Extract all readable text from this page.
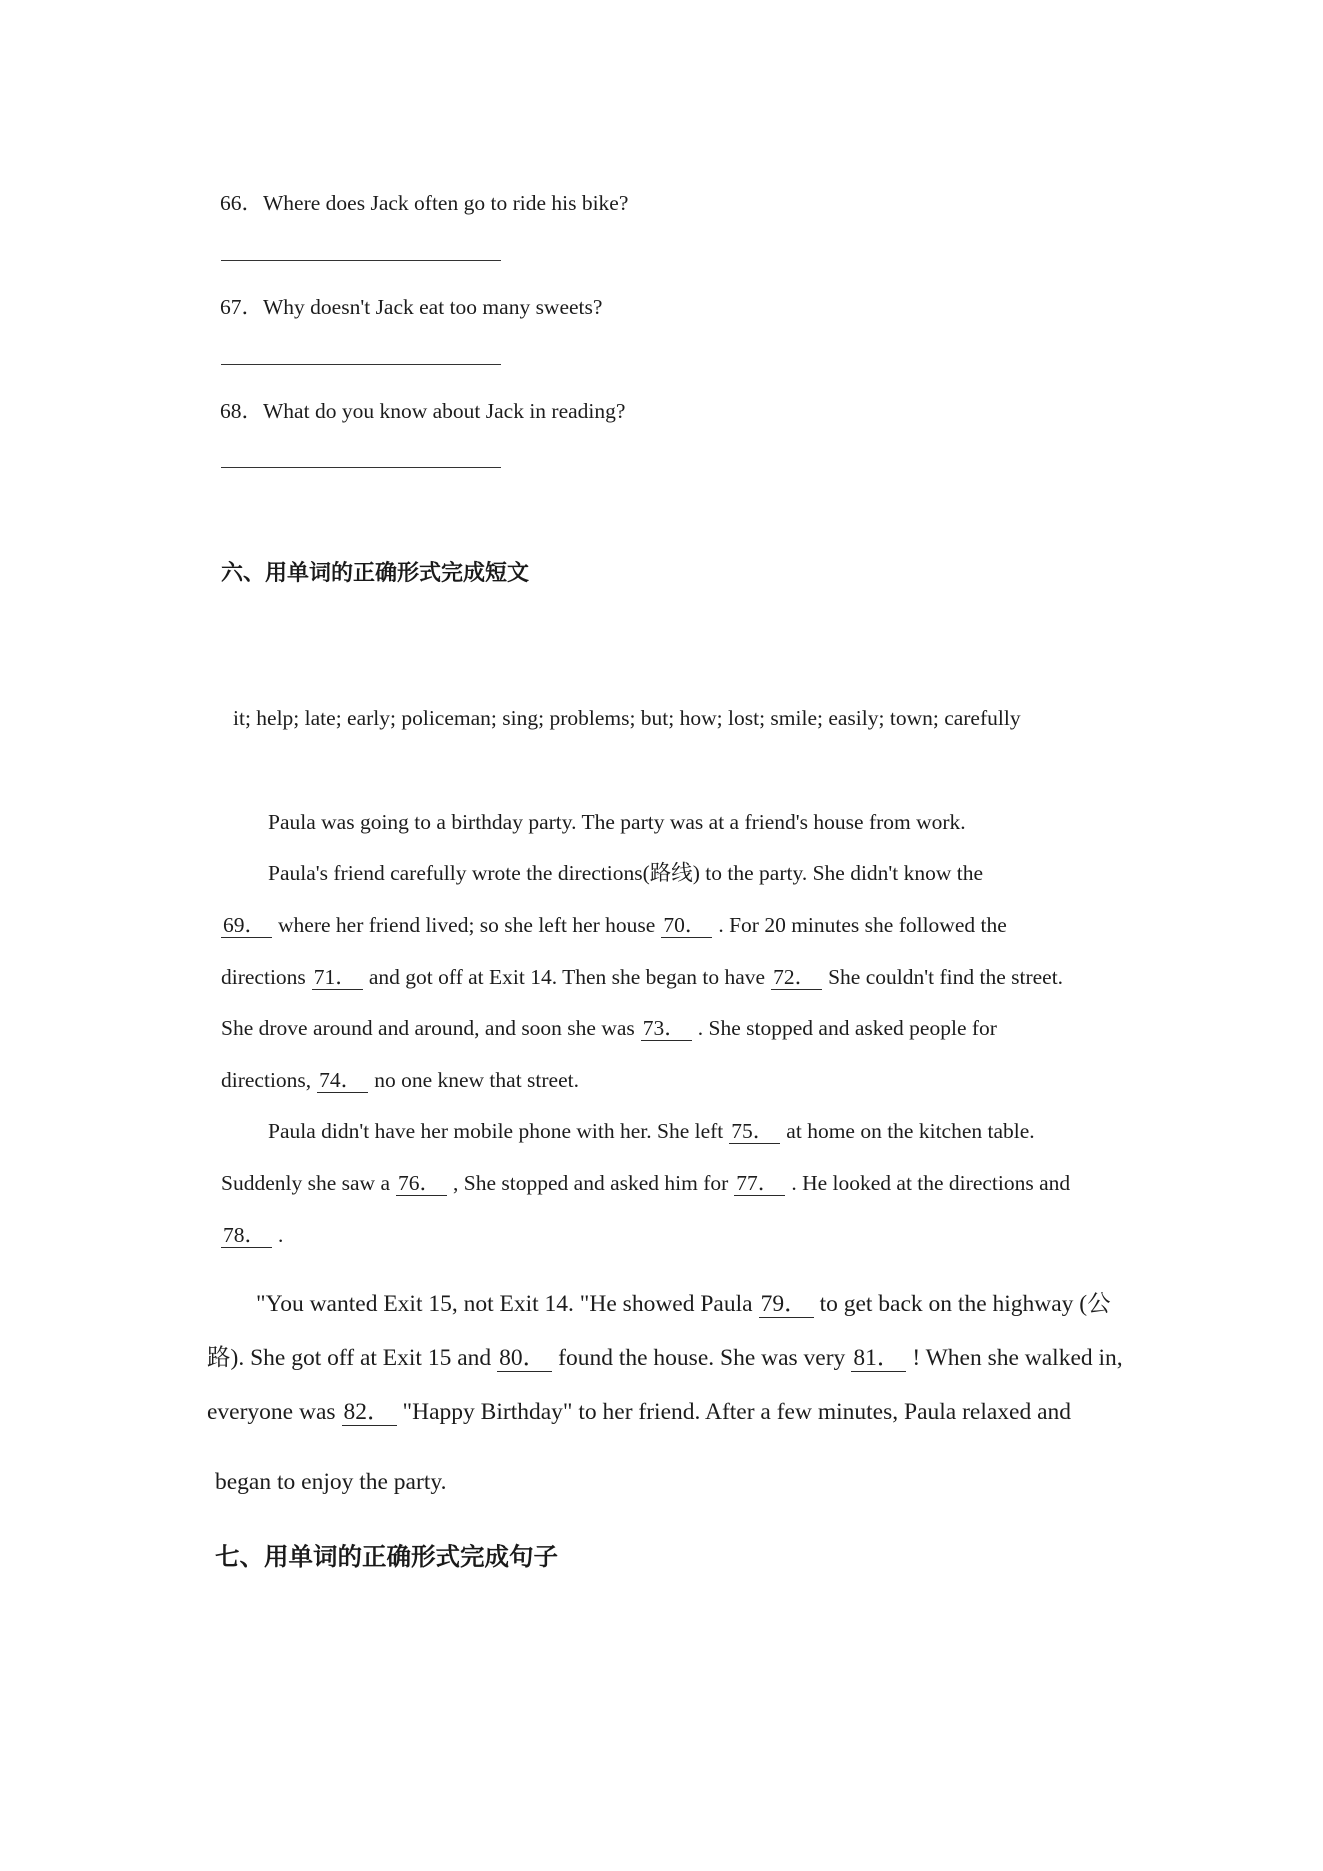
66．Where does Jack often go to ride his bike?
67．Why doesn't Jack eat too many sweets?
68．What do you know about Jack in reading?
六、用单词的正确形式完成短文
it; help; late; early; policeman; sing; problems; but; how; lost; smile; easily; town; carefully
Paula was going to a birthday party. The party was at a friend's house from work.
Paula's friend carefully wrote the directions(路线) to the party. She didn't know the
69． where her friend lived; so she left her house 70． . For 20 minutes she followed the
directions 71． and got off at Exit 14. Then she began to have 72． She couldn't find the street.
She drove around and around, and soon she was 73． . She stopped and asked people for
directions, 74． no one knew that street.
Paula didn't have her mobile phone with her. She left 75． at home on the kitchen table.
Suddenly she saw a 76． , She stopped and asked him for 77． . He looked at the directions and
78． .
"You wanted Exit 15, not Exit 14. "He showed Paula 79． to get back on the highway (公
路). She got off at Exit 15 and 80． found the house. She was very 81． ! When she walked in,
everyone was 82． "Happy Birthday" to her friend. After a few minutes, Paula relaxed and
began to enjoy the party.
七、用单词的正确形式完成句子
